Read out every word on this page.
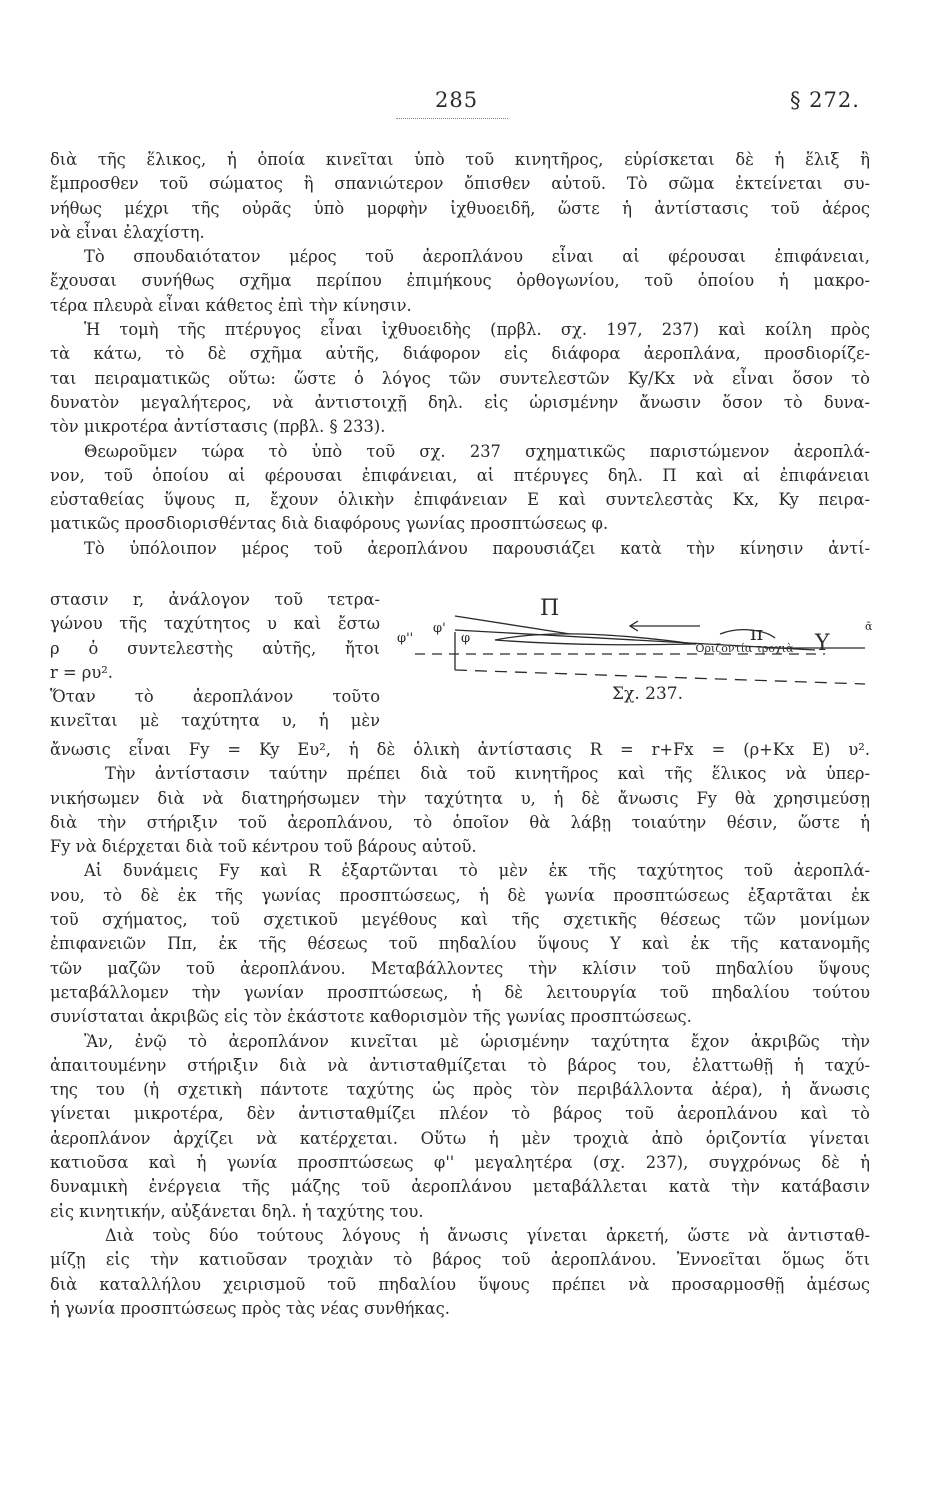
285	§ 272.
διὰ τῆς ἕλικος, ἡ ὁποία κινεῖται ὑπὸ τοῦ κινητῆρος, εὑρίσκεται δὲ ἡ ἕλιξ ἢ
ἔμπροσθεν τοῦ σώματος ἢ σπανιώτερον ὄπισθεν αὐτοῦ. Τὸ σῶμα ἐκτείνεται συ-
νήθως μέχρι τῆς οὐρᾶς ὑπὸ μορφὴν ἰχθυοειδῆ, ὥστε ἡ ἀντίστασις τοῦ ἀέρος
νὰ εἶναι ἐλαχίστη.
Τὸ σπουδαιότατον μέρος τοῦ ἀεροπλάνου εἶναι αἱ φέρουσαι ἐπιφάνειαι,
ἔχουσαι συνήθως σχῆμα περίπου ἐπιμήκους ὀρθογωνίου, τοῦ ὁποίου ἡ μακρο-
τέρα πλευρὰ εἶναι κάθετος ἐπὶ τὴν κίνησιν.
Ἡ τομὴ τῆς πτέρυγος εἶναι ἰχθυοειδὴς (πρβλ. σχ. 197, 237) καὶ κοίλη πρὸς
τὰ κάτω, τὸ δὲ σχῆμα αὐτῆς, διάφορον εἰς διάφορα ἀεροπλάνα, προσδιορίζε-
ται πειραματικῶς οὕτω: ὥστε ὁ λόγος τῶν συντελεστῶν Ky/Kx νὰ εἶναι ὅσον τὸ
δυνατὸν μεγαλήτερος, νὰ ἀντιστοιχῇ δηλ. εἰς ὡρισμένην ἄνωσιν ὅσον τὸ δυνα-
τὸν μικροτέρα ἀντίστασις (πρβλ. § 233).
Θεωροῦμεν τώρα τὸ ὑπὸ τοῦ σχ. 237 σχηματικῶς παριστώμενον ἀεροπλά-
νον, τοῦ ὁποίου αἱ φέρουσαι ἐπιφάνειαι, αἱ πτέρυγες δηλ. Π καὶ αἱ ἐπιφάνειαι
εὐσταθείας ὕψους π, ἔχουν ὁλικὴν ἐπιφάνειαν Ε καὶ συντελεστὰς Kx, Ky πειρα-
ματικῶς προσδιορισθέντας διὰ διαφόρους γωνίας προσπτώσεως φ.
Τὸ ὑπόλοιπον μέρος τοῦ ἀεροπλάνου παρουσιάζει κατὰ τὴν κίνησιν ἀντί-
στασιν r, ἀνάλογον τοῦ τετρα-
γώνου τῆς ταχύτητος υ καὶ ἔστω
ρ ὁ συντελεστὴς αὐτῆς, ἤτοι
r = ρυ².
Ὅταν τὸ ἀεροπλάνον τοῦτο
κινεῖται μὲ ταχύτητα υ, ἡ μὲν
Π
π Υ
Ὁριζοντία τροχιὰ
φ''
φ'
φ
ᾶ
Σχ. 237.
ἄνωσις εἶναι Fy = Ky Eυ², ἡ δὲ ὁλικὴ ἀντίστασις R = r+Fx = (ρ+Kx E) υ².
Τὴν ἀντίστασιν ταύτην πρέπει διὰ τοῦ κινητῆρος καὶ τῆς ἕλικος νὰ ὑπερ-
νικήσωμεν διὰ νὰ διατηρήσωμεν τὴν ταχύτητα υ, ἡ δὲ ἄνωσις Fy θὰ χρησιμεύσῃ
διὰ τὴν στήριξιν τοῦ ἀεροπλάνου, τὸ ὁποῖον θὰ λάβῃ τοιαύτην θέσιν, ὥστε ἡ
Fy νὰ διέρχεται διὰ τοῦ κέντρου τοῦ βάρους αὐτοῦ.
Αἱ δυνάμεις Fy καὶ R ἐξαρτῶνται τὸ μὲν ἐκ τῆς ταχύτητος τοῦ ἀεροπλά-
νου, τὸ δὲ ἐκ τῆς γωνίας προσπτώσεως, ἡ δὲ γωνία προσπτώσεως ἐξαρτᾶται ἐκ
τοῦ σχήματος, τοῦ σχετικοῦ μεγέθους καὶ τῆς σχετικῆς θέσεως τῶν μονίμων
ἐπιφανειῶν Ππ, ἐκ τῆς θέσεως τοῦ πηδαλίου ὕψους Υ καὶ ἐκ τῆς κατανομῆς
τῶν μαζῶν τοῦ ἀεροπλάνου. Μεταβάλλοντες τὴν κλίσιν τοῦ πηδαλίου ὕψους
μεταβάλλομεν τὴν γωνίαν προσπτώσεως, ἡ δὲ λειτουργία τοῦ πηδαλίου τούτου
συνίσταται ἀκριβῶς εἰς τὸν ἑκάστοτε καθορισμὸν τῆς γωνίας προσπτώσεως.
Ἂν, ἐνῷ τὸ ἀεροπλάνον κινεῖται μὲ ὡρισμένην ταχύτητα ἔχον ἀκριβῶς τὴν
ἀπαιτουμένην στήριξιν διὰ νὰ ἀντισταθμίζεται τὸ βάρος του, ἐλαττωθῇ ἡ ταχύ-
της του (ἡ σχετικὴ πάντοτε ταχύτης ὡς πρὸς τὸν περιβάλλοντα ἀέρα), ἡ ἄνωσις
γίνεται μικροτέρα, δὲν ἀντισταθμίζει πλέον τὸ βάρος τοῦ ἀεροπλάνου καὶ τὸ
ἀεροπλάνον ἀρχίζει νὰ κατέρχεται. Οὕτω ἡ μὲν τροχιὰ ἀπὸ ὁριζοντία γίνεται
κατιοῦσα καὶ ἡ γωνία προσπτώσεως φ'' μεγαλητέρα (σχ. 237), συγχρόνως δὲ ἡ
δυναμικὴ ἐνέργεια τῆς μάζης τοῦ ἀεροπλάνου μεταβάλλεται κατὰ τὴν κατάβασιν
εἰς κινητικήν, αὐξάνεται δηλ. ἡ ταχύτης του.
Διὰ τοὺς δύο τούτους λόγους ἡ ἄνωσις γίνεται ἀρκετή, ὥστε νὰ ἀντισταθ-
μίζῃ εἰς τὴν κατιοῦσαν τροχιὰν τὸ βάρος τοῦ ἀεροπλάνου. Ἐννοεῖται ὅμως ὅτι
διὰ καταλλήλου χειρισμοῦ τοῦ πηδαλίου ὕψους πρέπει νὰ προσαρμοσθῇ ἀμέσως
ἡ γωνία προσπτώσεως πρὸς τὰς νέας συνθήκας.
